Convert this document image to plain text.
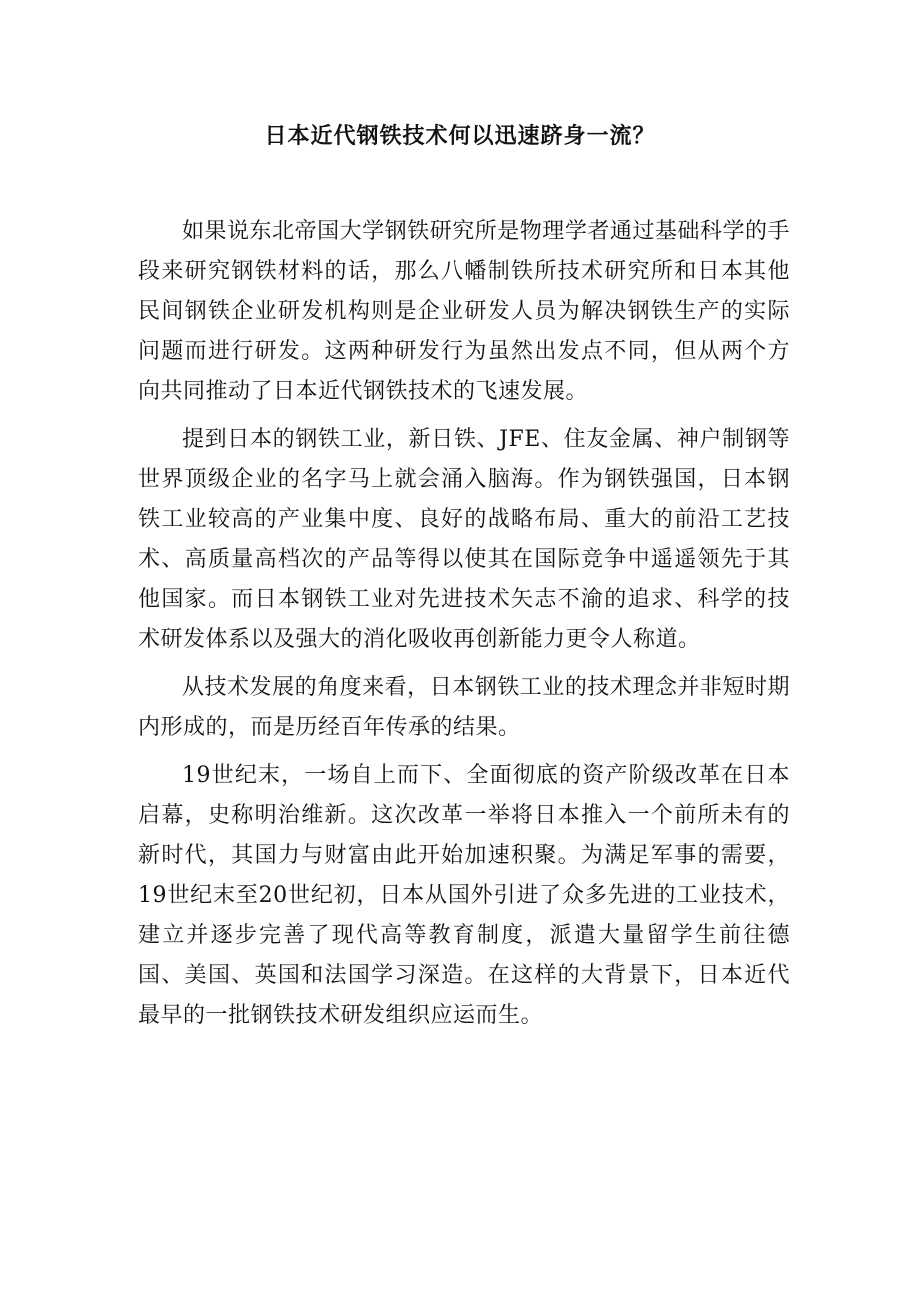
日本近代钢铁技术何以迅速跻身一流？

如果说东北帝国大学钢铁研究所是物理学者通过基础科学的手段来研究钢铁材料的话，那么八幡制铁所技术研究所和日本其他民间钢铁企业研发机构则是企业研发人员为解决钢铁生产的实际问题而进行研发。这两种研发行为虽然出发点不同，但从两个方向共同推动了日本近代钢铁技术的飞速发展。

提到日本的钢铁工业，新日铁、JFE、住友金属、神户制钢等世界顶级企业的名字马上就会涌入脑海。作为钢铁强国，日本钢铁工业较高的产业集中度、良好的战略布局、重大的前沿工艺技术、高质量高档次的产品等得以使其在国际竞争中遥遥领先于其他国家。而日本钢铁工业对先进技术矢志不渝的追求、科学的技术研发体系以及强大的消化吸收再创新能力更令人称道。

从技术发展的角度来看，日本钢铁工业的技术理念并非短时期内形成的，而是历经百年传承的结果。

19世纪末，一场自上而下、全面彻底的资产阶级改革在日本启幕，史称明治维新。这次改革一举将日本推入一个前所未有的新时代，其国力与财富由此开始加速积聚。为满足军事的需要，19世纪末至20世纪初，日本从国外引进了众多先进的工业技术，建立并逐步完善了现代高等教育制度，派遣大量留学生前往德国、美国、英国和法国学习深造。在这样的大背景下，日本近代最早的一批钢铁技术研发组织应运而生。
